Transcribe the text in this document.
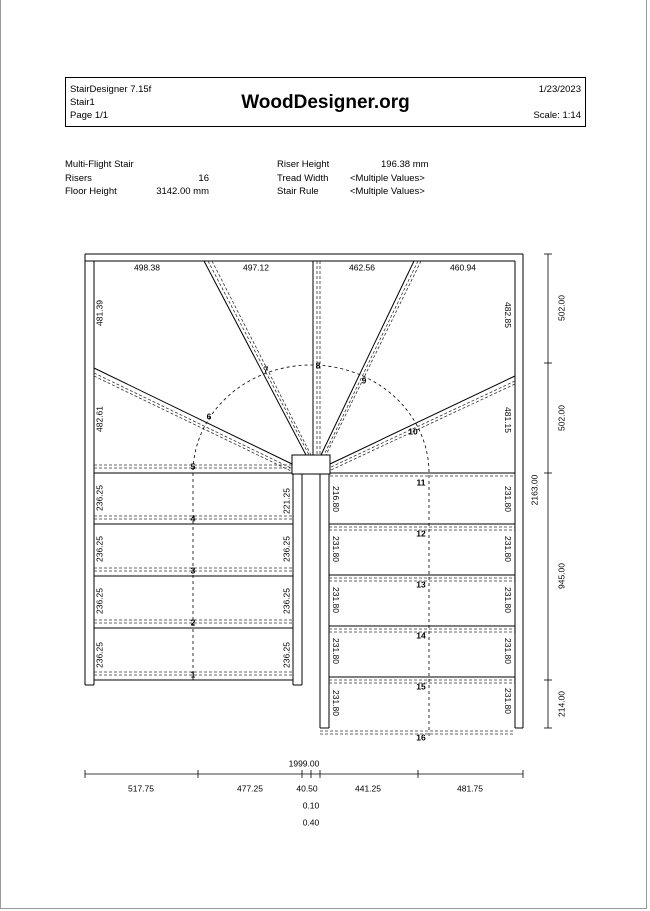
StairDesigner 7.15f
Stair1
Page 1/1
WoodDesigner.org
1/23/2023
Scale: 1:14
Multi-Flight Stair
Risers	16
Floor Height	3142.00 mm
Riser Height	196.38 mm
Tread Width <Multiple Values>
Stair Rule	<Multiple Values>
1
2
3
4
5
6
7	8
9
10
11
12
13
14
15
16
498.38	497.12	462.56	460.94
481.39
482.61
236.25
236.25
236.25
236.25
221.25
236.25
236.25
236.25
216.80
231.80
231.80
231.80
231.80
482.85
481.15
231.80
231.80
231.80
231.80
231.80
502.00
502.00
945.00
214.00
2163.00
1999.00
517.75	477.25	40.50	441.25	481.75
0.10
0.40
